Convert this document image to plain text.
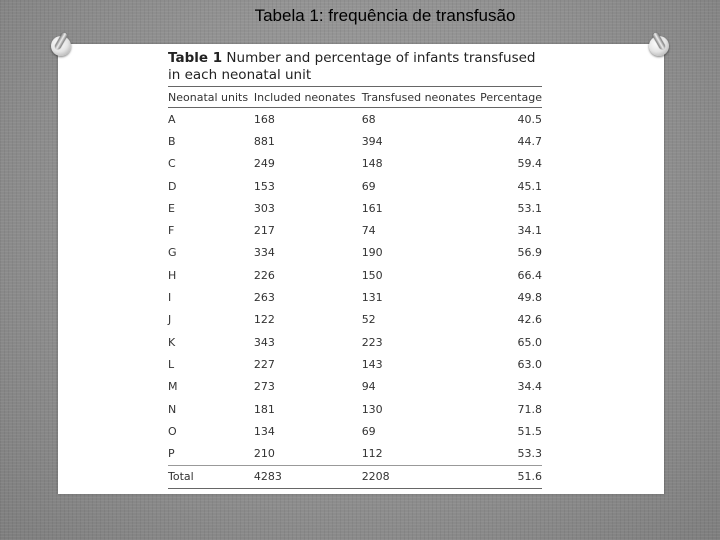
Tabela 1: frequência de transfusão
Table 1 Number and percentage of infants transfused in each neonatal unit
Neonatal units	Included neonates	Transfused neonates	Percentage
A	168	68	40.5
B	881	394	44.7
C	249	148	59.4
D	153	69	45.1
E	303	161	53.1
F	217	74	34.1
G	334	190	56.9
H	226	150	66.4
I	263	131	49.8
J	122	52	42.6
K	343	223	65.0
L	227	143	63.0
M	273	94	34.4
N	181	130	71.8
O	134	69	51.5
P	210	112	53.3
Total	4283	2208	51.6
